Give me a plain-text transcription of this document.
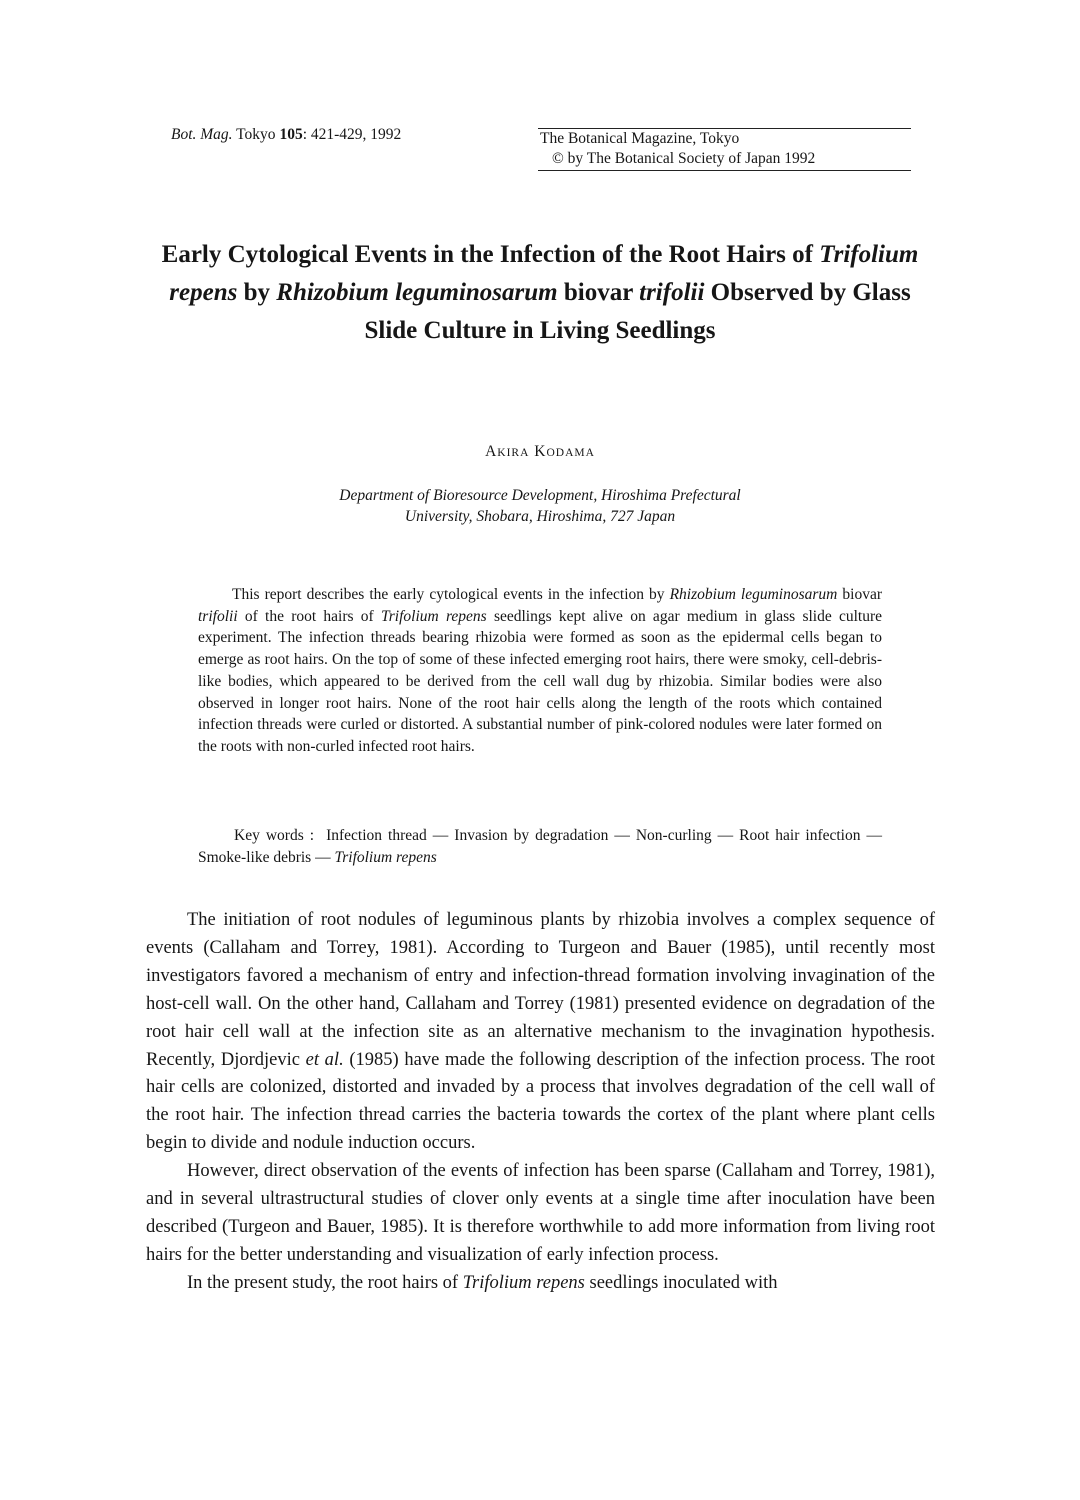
Bot. Mag. Tokyo 105: 421-429, 1992	The Botanical Magazine, Tokyo
© by The Botanical Society of Japan 1992
Early Cytological Events in the Infection of the Root Hairs of Trifolium repens by Rhizobium leguminosarum biovar trifolii Observed by Glass Slide Culture in Living Seedlings
AKIRA KODAMA
Department of Bioresource Development, Hiroshima Prefectural
University, Shobara, Hiroshima, 727 Japan

This report describes the early cytological events in the infection by Rhizobium leguminosarum biovar trifolii of the root hairs of Trifolium repens seedlings kept alive on agar medium in glass slide culture experiment. The infection threads bearing rhizobia were formed as soon as the epidermal cells began to emerge as root hairs. On the top of some of these infected emerging root hairs, there were smoky, cell-debris-like bodies, which appeared to be derived from the cell wall dug by rhizobia. Similar bodies were also observed in longer root hairs. None of the root hair cells along the length of the roots which contained infection threads were curled or distorted. A substantial number of pink-colored nodules were later formed on the roots with non-curled infected root hairs.

Key words : Infection thread — Invasion by degradation — Non-curling — Root hair infection — Smoke-like debris — Trifolium repens

The initiation of root nodules of leguminous plants by rhizobia involves a complex sequence of events (Callaham and Torrey, 1981). According to Turgeon and Bauer (1985), until recently most investigators favored a mechanism of entry and infection-thread formation involving invagination of the host-cell wall. On the other hand, Callaham and Torrey (1981) presented evidence on degradation of the root hair cell wall at the infection site as an alternative mechanism to the invagination hypothesis. Recently, Djordjevic et al. (1985) have made the following description of the infection process. The root hair cells are colonized, distorted and invaded by a process that involves degradation of the cell wall of the root hair. The infection thread carries the bacteria towards the cortex of the plant where plant cells begin to divide and nodule induction occurs.

However, direct observation of the events of infection has been sparse (Callaham and Torrey, 1981), and in several ultrastructural studies of clover only events at a single time after inoculation have been described (Turgeon and Bauer, 1985). It is therefore worthwhile to add more information from living root hairs for the better understanding and visualization of early infection process.

In the present study, the root hairs of Trifolium repens seedlings inoculated with
